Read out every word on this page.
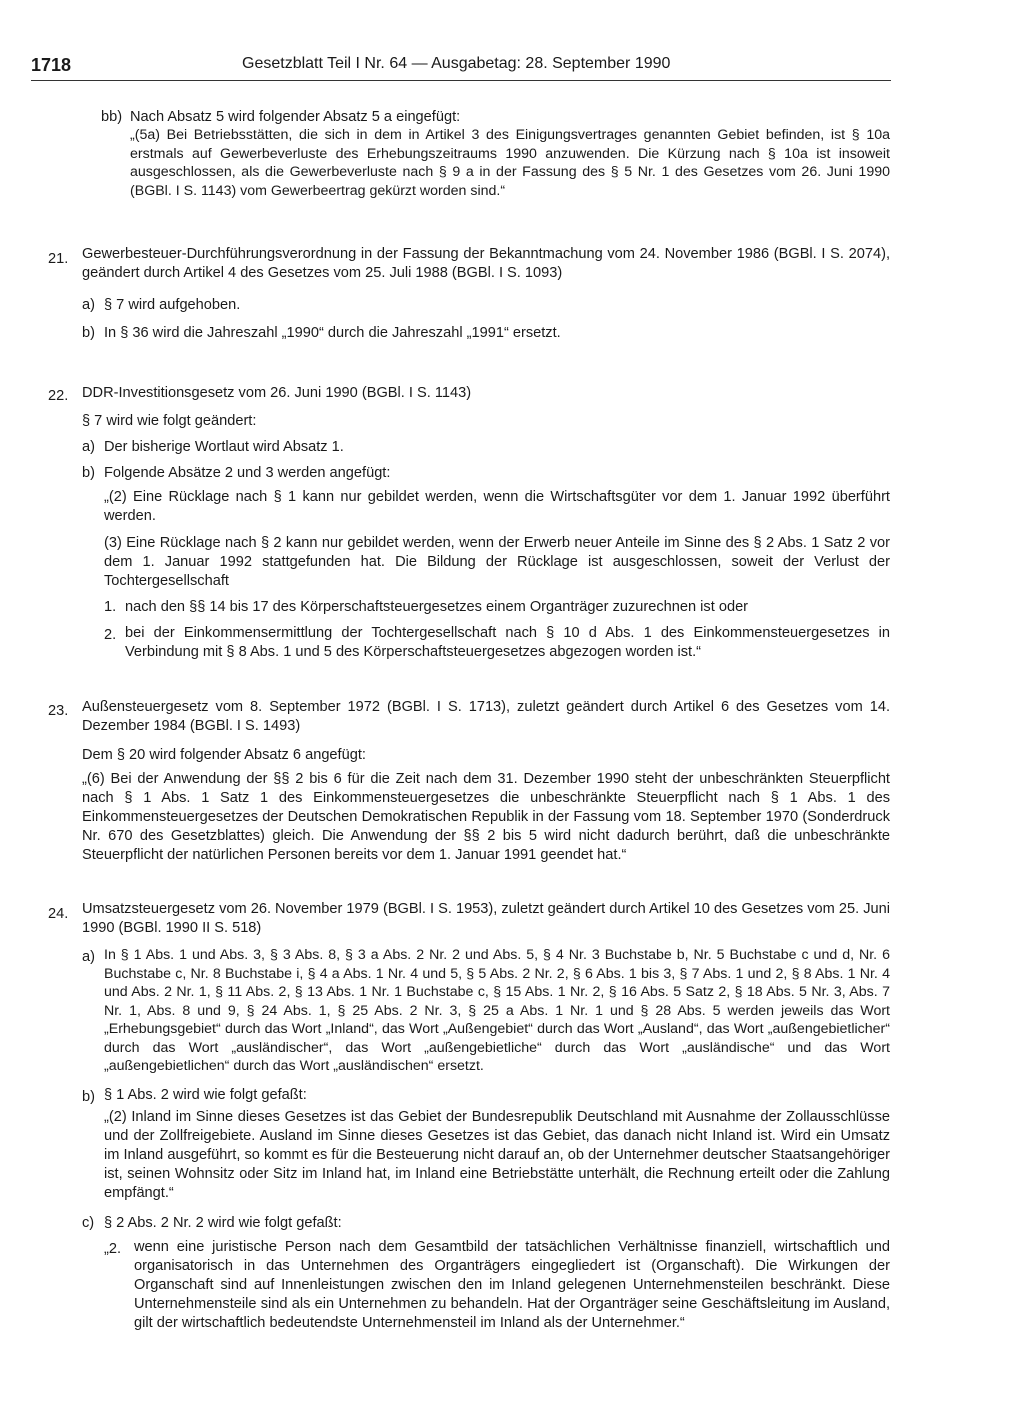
1718	Gesetzblatt Teil I Nr. 64 — Ausgabetag: 28. September 1990
bb) Nach Absatz 5 wird folgender Absatz 5 a eingefügt:
„(5a) Bei Betriebsstätten, die sich in dem in Artikel 3 des Einigungsvertrages genannten Gebiet befinden, ist § 10a erstmals auf Gewerbeverluste des Erhebungszeitraums 1990 anzuwenden. Die Kürzung nach § 10a ist insoweit ausgeschlossen, als die Gewerbeverluste nach § 9 a in der Fassung des § 5 Nr. 1 des Gesetzes vom 26. Juni 1990 (BGBl. I S. 1143) vom Gewerbeertrag gekürzt worden sind.“
21. Gewerbesteuer-Durchführungsverordnung in der Fassung der Bekanntmachung vom 24. November 1986 (BGBl. I S. 2074), geändert durch Artikel 4 des Gesetzes vom 25. Juli 1988 (BGBl. I S. 1093)
a) § 7 wird aufgehoben.
b) In § 36 wird die Jahreszahl „1990“ durch die Jahreszahl „1991“ ersetzt.
22. DDR-Investitionsgesetz vom 26. Juni 1990 (BGBl. I S. 1143)
§ 7 wird wie folgt geändert:
a) Der bisherige Wortlaut wird Absatz 1.
b) Folgende Absätze 2 und 3 werden angefügt:
„(2) Eine Rücklage nach § 1 kann nur gebildet werden, wenn die Wirtschaftsgüter vor dem 1. Januar 1992 überführt werden.
(3) Eine Rücklage nach § 2 kann nur gebildet werden, wenn der Erwerb neuer Anteile im Sinne des § 2 Abs. 1 Satz 2 vor dem 1. Januar 1992 stattgefunden hat. Die Bildung der Rücklage ist ausgeschlossen, soweit der Verlust der Tochtergesellschaft
1. nach den §§ 14 bis 17 des Körperschaftsteuergesetzes einem Organträger zuzurechnen ist oder
2. bei der Einkommensermittlung der Tochtergesellschaft nach § 10 d Abs. 1 des Einkommensteuergesetzes in Verbindung mit § 8 Abs. 1 und 5 des Körperschaftsteuergesetzes abgezogen worden ist.“
23. Außensteuergesetz vom 8. September 1972 (BGBl. I S. 1713), zuletzt geändert durch Artikel 6 des Gesetzes vom 14. Dezember 1984 (BGBl. I S. 1493)
Dem § 20 wird folgender Absatz 6 angefügt:
„(6) Bei der Anwendung der §§ 2 bis 6 für die Zeit nach dem 31. Dezember 1990 steht der unbeschränkten Steuerpflicht nach § 1 Abs. 1 Satz 1 des Einkommensteuergesetzes die unbeschränkte Steuerpflicht nach § 1 Abs. 1 des Einkommensteuergesetzes der Deutschen Demokratischen Republik in der Fassung vom 18. September 1970 (Sonderdruck Nr. 670 des Gesetzblattes) gleich. Die Anwendung der §§ 2 bis 5 wird nicht dadurch berührt, daß die unbeschränkte Steuerpflicht der natürlichen Personen bereits vor dem 1. Januar 1991 geendet hat.“
24. Umsatzsteuergesetz vom 26. November 1979 (BGBl. I S. 1953), zuletzt geändert durch Artikel 10 des Gesetzes vom 25. Juni 1990 (BGBl. 1990 II S. 518)
a) In § 1 Abs. 1 und Abs. 3, § 3 Abs. 8, § 3 a Abs. 2 Nr. 2 und Abs. 5, § 4 Nr. 3 Buchstabe b, Nr. 5 Buchstabe c und d, Nr. 6 Buchstabe c, Nr. 8 Buchstabe i, § 4 a Abs. 1 Nr. 4 und 5, § 5 Abs. 2 Nr. 2, § 6 Abs. 1 bis 3, § 7 Abs. 1 und 2, § 8 Abs. 1 Nr. 4 und Abs. 2 Nr. 1, § 11 Abs. 2, § 13 Abs. 1 Nr. 1 Buchstabe c, § 15 Abs. 1 Nr. 2, § 16 Abs. 5 Satz 2, § 18 Abs. 5 Nr. 3, Abs. 7 Nr. 1, Abs. 8 und 9, § 24 Abs. 1, § 25 Abs. 2 Nr. 3, § 25 a Abs. 1 Nr. 1 und § 28 Abs. 5 werden jeweils das Wort „Erhebungsgebiet“ durch das Wort „Inland“, das Wort „Außengebiet“ durch das Wort „Ausland“, das Wort „außengebietlicher“ durch das Wort „ausländischer“, das Wort „außengebietliche“ durch das Wort „ausländische“ und das Wort „außengebietlichen“ durch das Wort „ausländischen“ ersetzt.
b) § 1 Abs. 2 wird wie folgt gefaßt:
„(2) Inland im Sinne dieses Gesetzes ist das Gebiet der Bundesrepublik Deutschland mit Ausnahme der Zollausschlüsse und der Zollfreigebiete. Ausland im Sinne dieses Gesetzes ist das Gebiet, das danach nicht Inland ist. Wird ein Umsatz im Inland ausgeführt, so kommt es für die Besteuerung nicht darauf an, ob der Unternehmer deutscher Staatsangehöriger ist, seinen Wohnsitz oder Sitz im Inland hat, im Inland eine Betriebstätte unterhält, die Rechnung erteilt oder die Zahlung empfängt.“
c) § 2 Abs. 2 Nr. 2 wird wie folgt gefaßt:
„2. wenn eine juristische Person nach dem Gesamtbild der tatsächlichen Verhältnisse finanziell, wirtschaftlich und organisatorisch in das Unternehmen des Organträgers eingegliedert ist (Organschaft). Die Wirkungen der Organschaft sind auf Innenleistungen zwischen den im Inland gelegenen Unternehmensteilen beschränkt. Diese Unternehmensteile sind als ein Unternehmen zu behandeln. Hat der Organträger seine Geschäftsleitung im Ausland, gilt der wirtschaftlich bedeutendste Unternehmensteil im Inland als der Unternehmer.“
